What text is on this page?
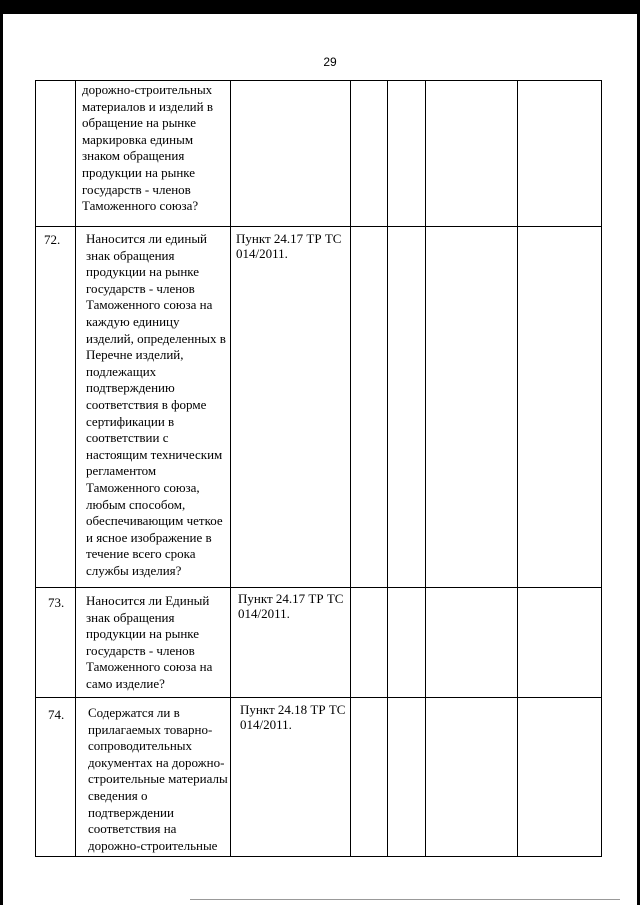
29
дорожно-строительных
материалов и изделий в
обращение на рынке
маркировка единым
знаком обращения
продукции на рынке
государств - членов
Таможенного союза?
72. Наносится ли единый
знак обращения
продукции на рынке
государств - членов
Таможенного союза на
каждую единицу
изделий, определенных в
Перечне изделий,
подлежащих
подтверждению
соответствия в форме
сертификации в
соответствии с
настоящим техническим
регламентом
Таможенного союза,
любым способом,
обеспечивающим четкое
и ясное изображение в
течение всего срока
службы изделия?
Пункт 24.17 ТР ТС
014/2011.
73. Наносится ли Единый
знак обращения
продукции на рынке
государств - членов
Таможенного союза на
само изделие?
Пункт 24.17 ТР ТС
014/2011.
74. Содержатся ли в
прилагаемых товарно-
сопроводительных
документах на дорожно-
строительные материалы
сведения о
подтверждении
соответствия на
дорожно-строительные
Пункт 24.18 ТР ТС
014/2011.
